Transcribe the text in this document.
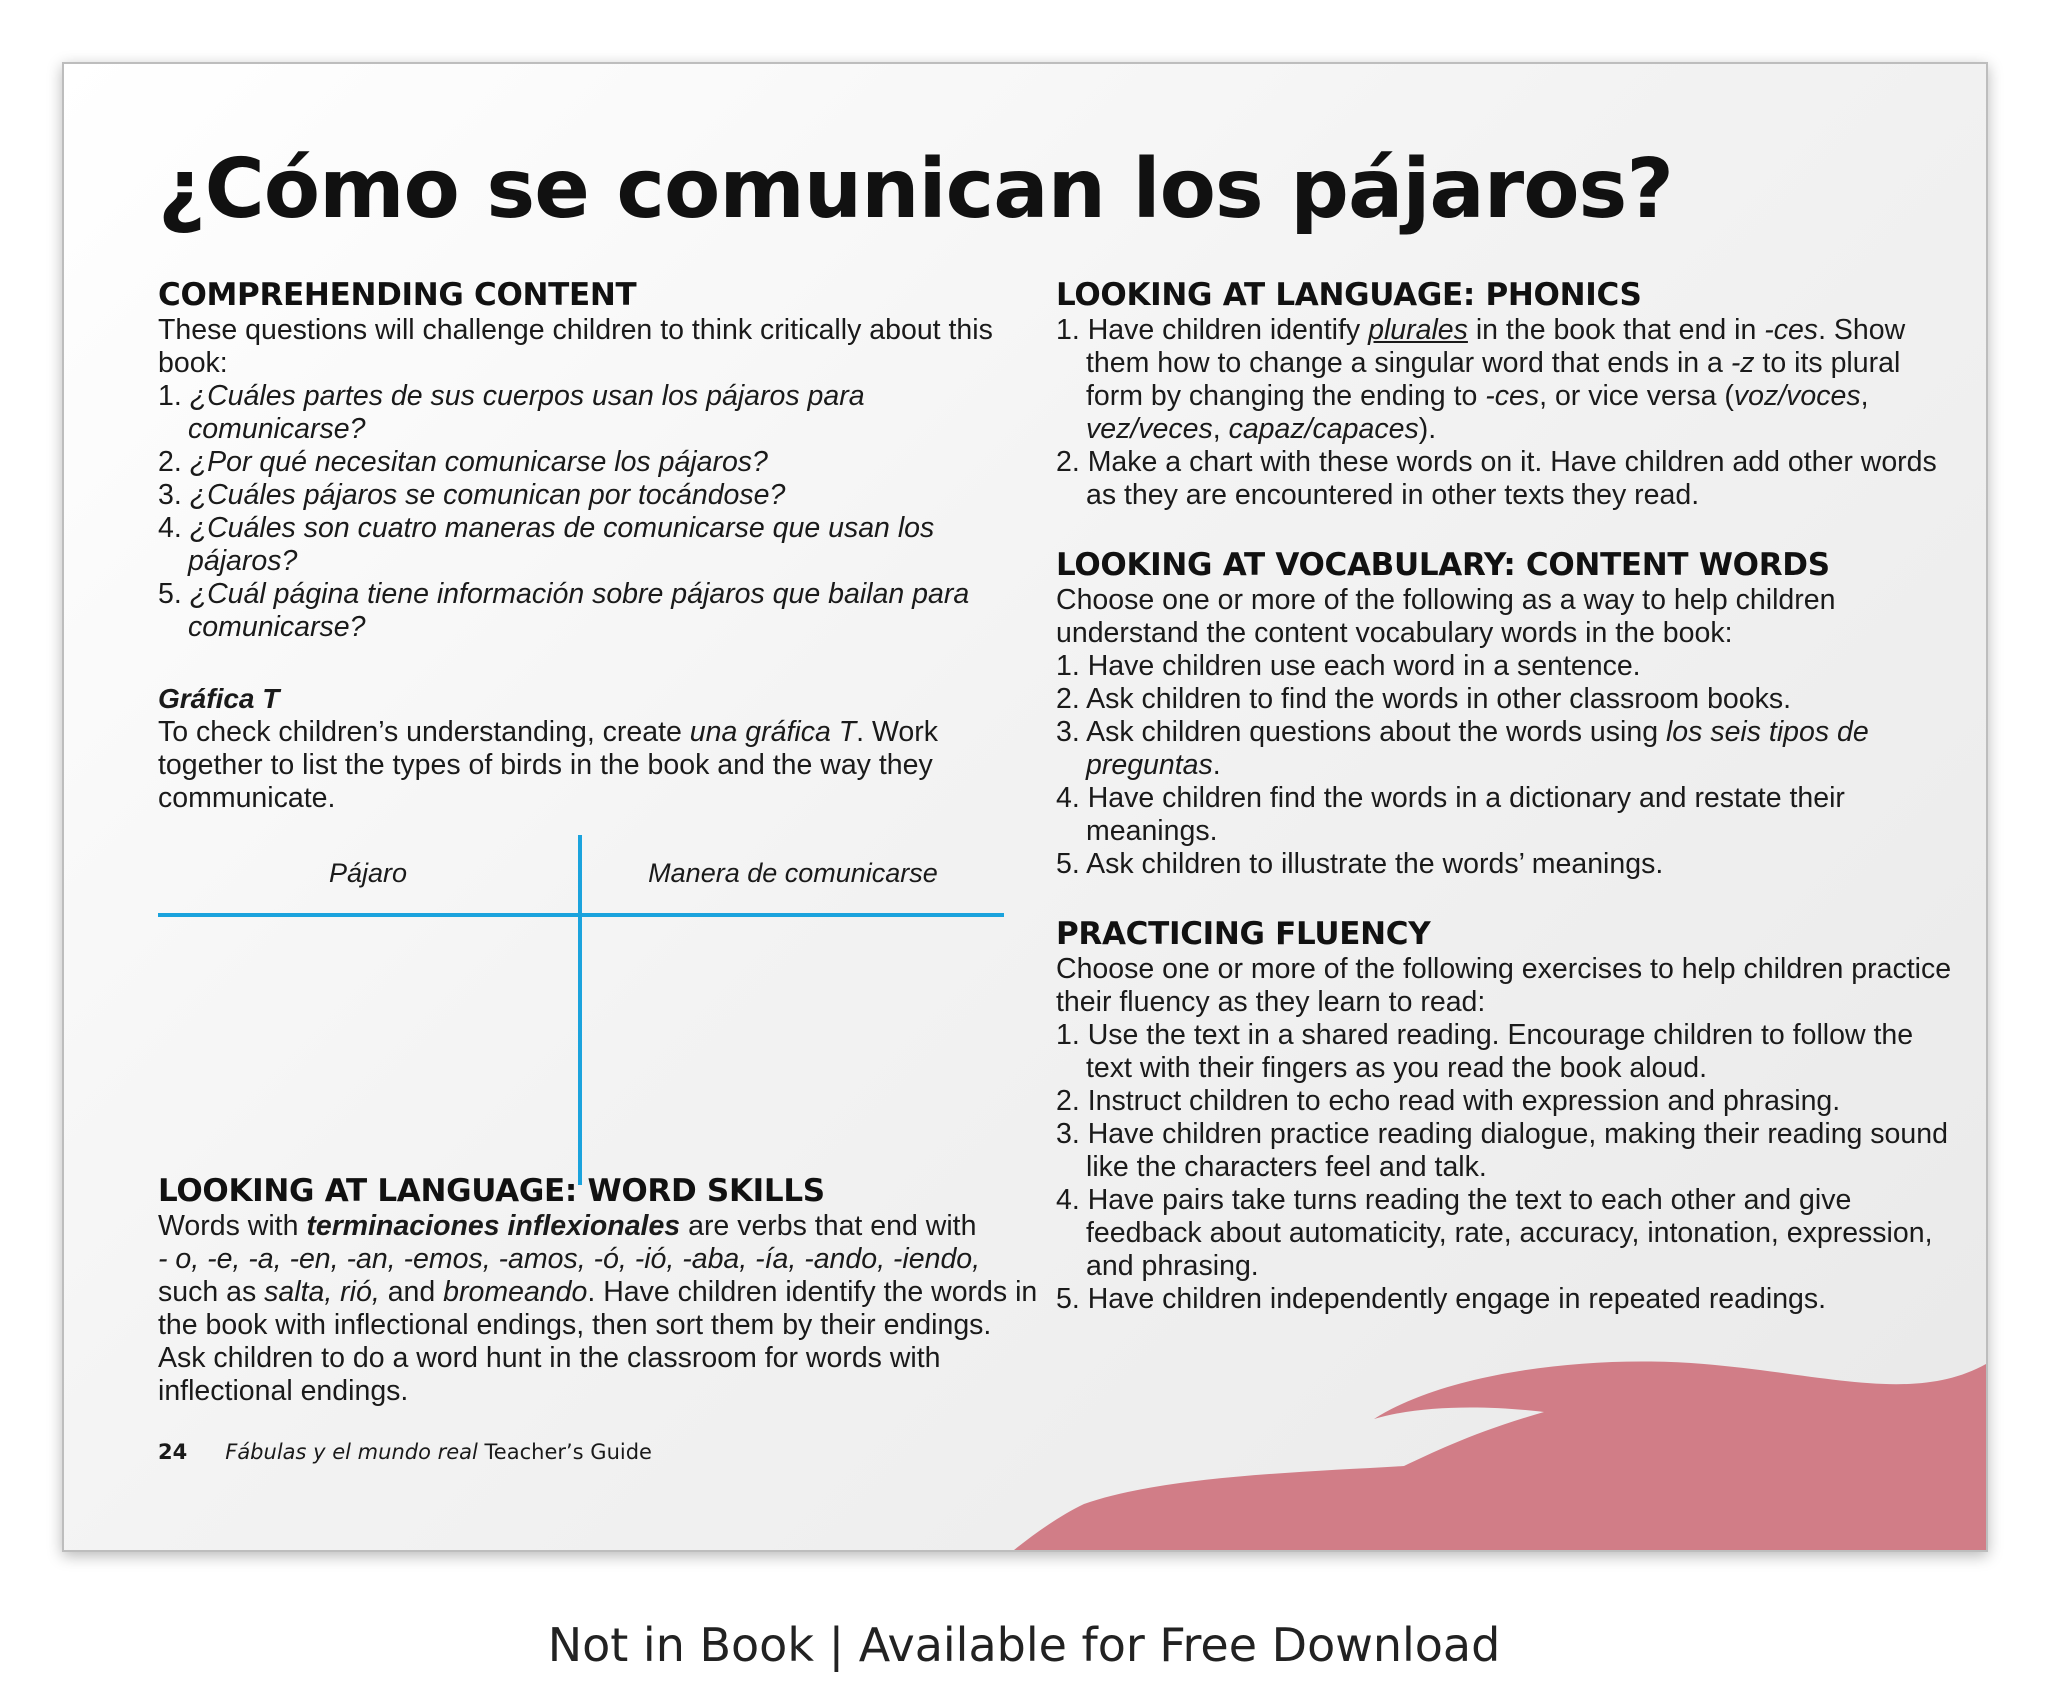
¿Cómo se comunican los pájaros?
COMPREHENDING CONTENT

These questions will challenge children to think critically about this book:

1. ¿Cuáles partes de sus cuerpos usan los pájaros para comunicarse?
2. ¿Por qué necesitan comunicarse los pájaros?
3. ¿Cuáles pájaros se comunican por tocándose?
4. ¿Cuáles son cuatro maneras de comunicarse que usan los pájaros?
5. ¿Cuál página tiene información sobre pájaros que bailan para comunicarse?
Gráfica T

To check children’s understanding, create una gráfica T. Work together to list the types of birds in the book and the way they communicate.

Pájaro	Manera de comunicarse
LOOKING AT LANGUAGE: WORD SKILLS

Words with terminaciones inflexionales are verbs that end with
- o, -e, -a, -en, -an, -emos, -amos, -ó, -ió, -aba, -ía, -ando, -iendo, such as salta, rió, and bromeando. Have children identify the words in the book with inflectional endings, then sort them by their endings. Ask children to do a word hunt in the classroom for words with inflectional endings.

LOOKING AT LANGUAGE: PHONICS
1. Have children identify plurales in the book that end in -ces. Show them how to change a singular word that ends in a -z to its plural form by changing the ending to -ces, or vice versa (voz/voces, vez/veces, capaz/capaces).
2. Make a chart with these words on it. Have children add other words as they are encountered in other texts they read.
LOOKING AT VOCABULARY: CONTENT WORDS

Choose one or more of the following as a way to help children understand the content vocabulary words in the book:

1. Have children use each word in a sentence.
2. Ask children to find the words in other classroom books.
3. Ask children questions about the words using los seis tipos de preguntas.
4. Have children find the words in a dictionary and restate their meanings.
5. Ask children to illustrate the words’ meanings.
PRACTICING FLUENCY

Choose one or more of the following exercises to help children practice their fluency as they learn to read:

1. Use the text in a shared reading. Encourage children to follow the text with their fingers as you read the book aloud.
2. Instruct children to echo read with expression and phrasing.
3. Have children practice reading dialogue, making their reading sound like the characters feel and talk.
4. Have pairs take turns reading the text to each other and give feedback about automaticity, rate, accuracy, intonation, expression, and phrasing.
5. Have children independently engage in repeated readings.
24 Fábulas y el mundo real Teacher’s Guide
Not in Book | Available for Free Download
